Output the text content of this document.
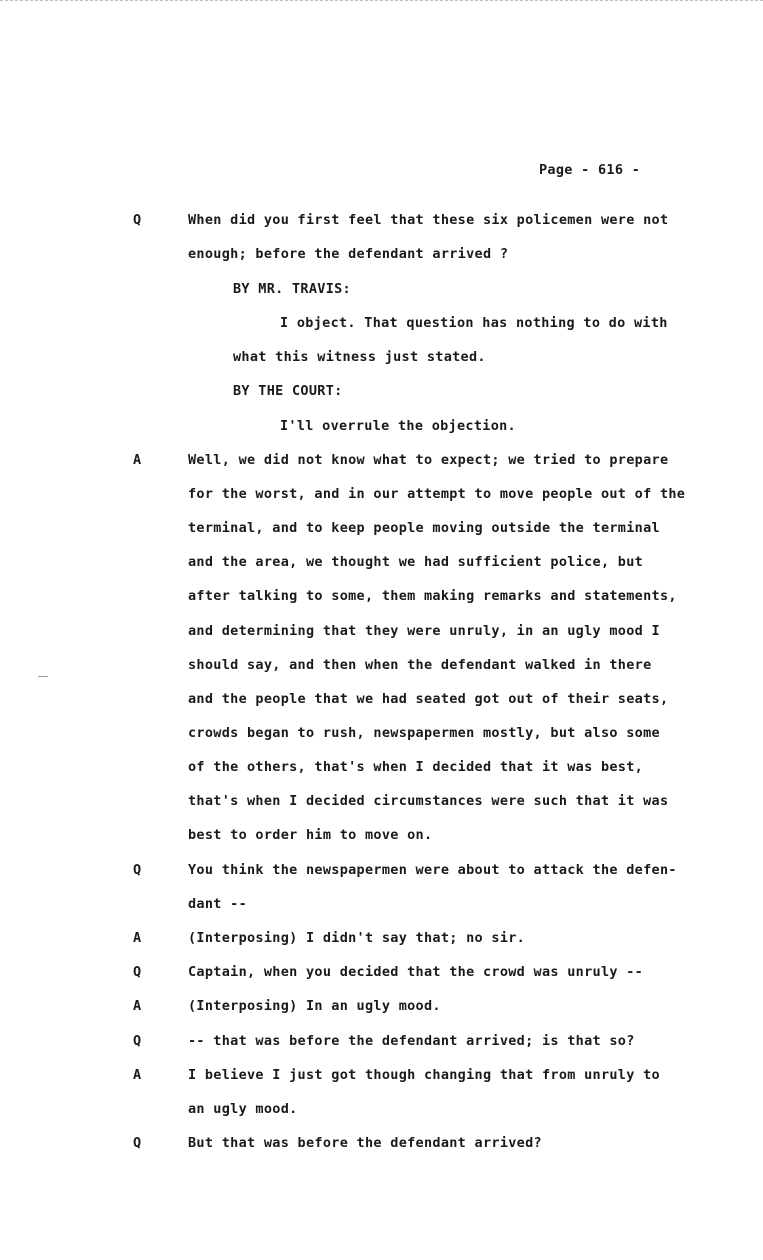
Page - 616 -
Q	When did you first feel that these six policemen were not
enough; before the defendant arrived ?
BY MR. TRAVIS:
I object. That question has nothing to do with
what this witness just stated.
BY THE COURT:
I'll overrule the objection.
A	Well, we did not know what to expect; we tried to prepare
for the worst, and in our attempt to move people out of the
terminal, and to keep people moving outside the terminal
and the area, we thought we had sufficient police, but
after talking to some, them making remarks and statements,
and determining that they were unruly, in an ugly mood I
should say, and then when the defendant walked in there
and the people that we had seated got out of their seats,
crowds began to rush, newspapermen mostly, but also some
of the others, that's when I decided that it was best,
that's when I decided circumstances were such that it was
best to order him to move on.
Q	You think the newspapermen were about to attack the defen-
dant --
A	(Interposing) I didn't say that; no sir.
Q	Captain, when you decided that the crowd was unruly --
A	(Interposing) In an ugly mood.
Q	-- that was before the defendant arrived; is that so?
A	I believe I just got though changing that from unruly to
an ugly mood.
Q	But that was before the defendant arrived?
